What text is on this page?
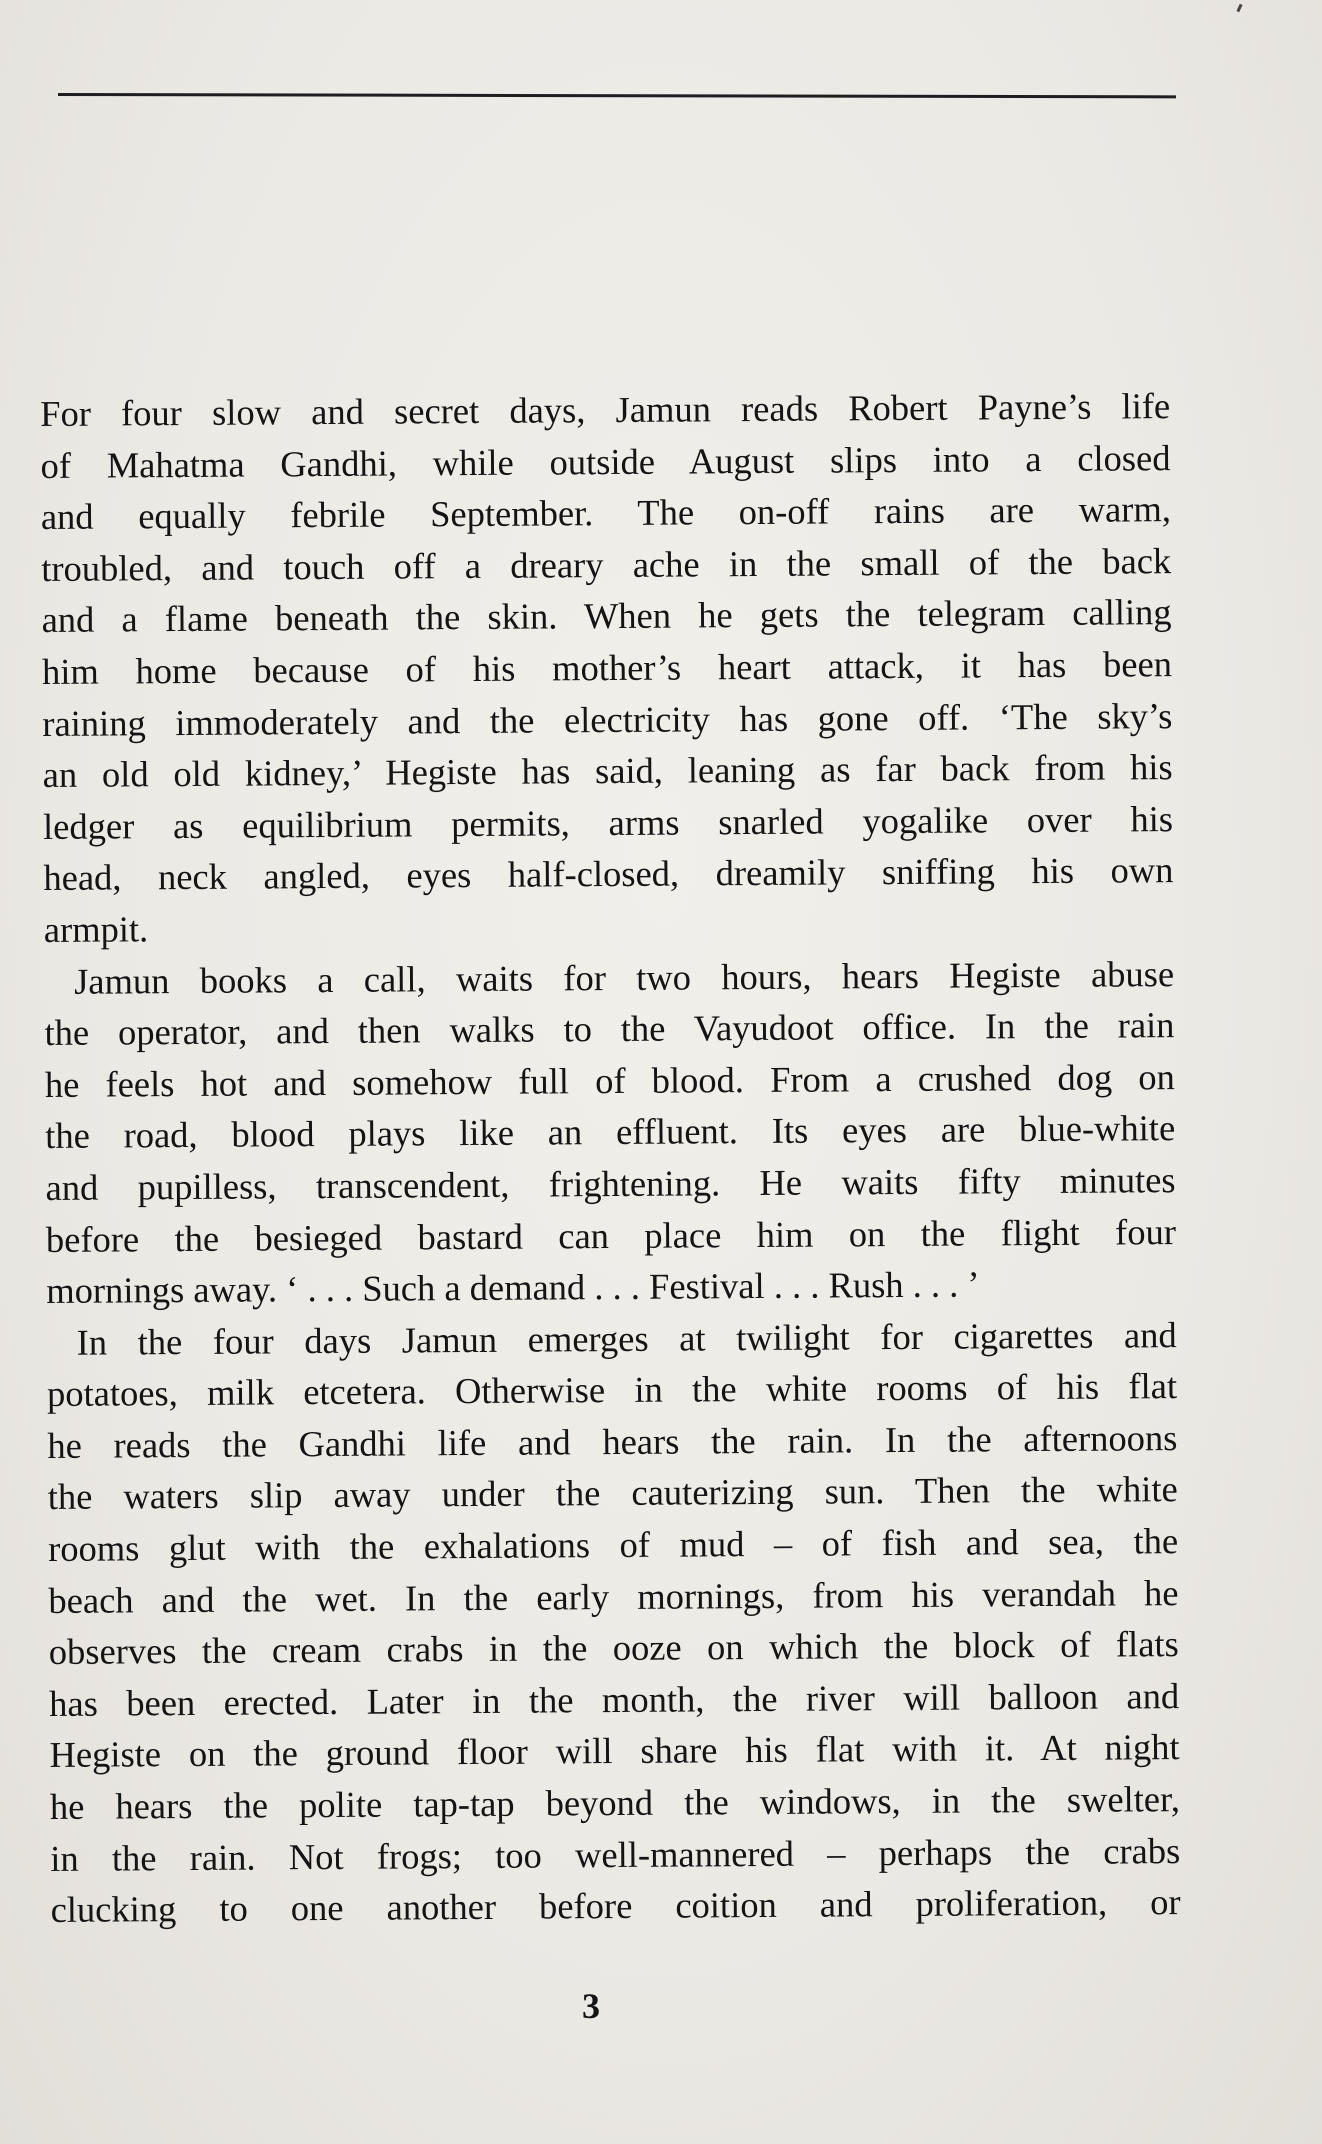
For four slow and secret days, Jamun reads Robert Payne’s life
of Mahatma Gandhi, while outside August slips into a closed
and equally febrile September. The on-off rains are warm,
troubled, and touch off a dreary ache in the small of the back
and a flame beneath the skin. When he gets the telegram calling
him home because of his mother’s heart attack, it has been
raining immoderately and the electricity has gone off. ‘The sky’s
an old old kidney,’ Hegiste has said, leaning as far back from his
ledger as equilibrium permits, arms snarled yogalike over his
head, neck angled, eyes half-closed, dreamily sniffing his own
armpit.

Jamun books a call, waits for two hours, hears Hegiste abuse
the operator, and then walks to the Vayudoot office. In the rain
he feels hot and somehow full of blood. From a crushed dog on
the road, blood plays like an effluent. Its eyes are blue-white
and pupilless, transcendent, frightening. He waits fifty minutes
before the besieged bastard can place him on the flight four
mornings away. ‘ . . . Such a demand . . . Festival . . . Rush . . . ’

In the four days Jamun emerges at twilight for cigarettes and
potatoes, milk etcetera. Otherwise in the white rooms of his flat
he reads the Gandhi life and hears the rain. In the afternoons
the waters slip away under the cauterizing sun. Then the white
rooms glut with the exhalations of mud – of fish and sea, the
beach and the wet. In the early mornings, from his verandah he
observes the cream crabs in the ooze on which the block of flats
has been erected. Later in the month, the river will balloon and
Hegiste on the ground floor will share his flat with it. At night
he hears the polite tap-tap beyond the windows, in the swelter,
in the rain. Not frogs; too well-mannered – perhaps the crabs
clucking to one another before coition and proliferation, or

3
